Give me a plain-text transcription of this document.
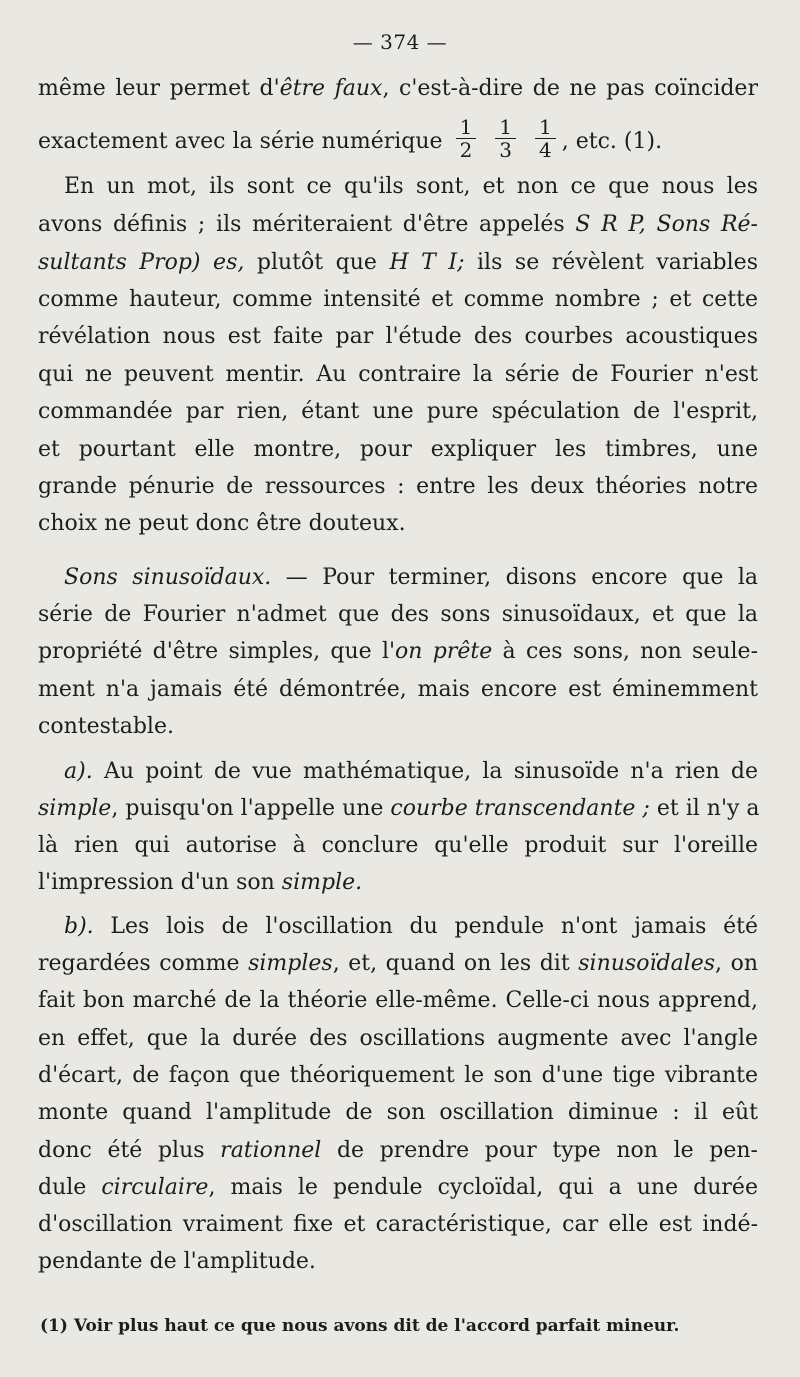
— 374 —
même leur permet d'être faux, c'est-à-dire de ne pas coïncider
exactement avec la série numérique $\frac{1}{2}$
$\frac{1}{3}$
$\frac{1}{4}$ , etc. (1).
En un mot, ils sont ce qu'ils sont, et non ce que nous les
avons définis ; ils mériteraient d'être appelés S R P, Sons Ré-
sultants Prop) es, plutôt que H T I; ils se révèlent variables
comme hauteur, comme intensité et comme nombre ; et cette
révélation nous est faite par l'étude des courbes acoustiques
qui ne peuvent mentir. Au contraire la série de Fourier n'est
commandée par rien, étant une pure spéculation de l'esprit,
et pourtant elle montre, pour expliquer les timbres, une
grande pénurie de ressources : entre les deux théories notre
choix ne peut donc être douteux.
Sons sinusoïdaux. — Pour terminer, disons encore que la
série de Fourier n'admet que des sons sinusoïdaux, et que la
propriété d'être simples, que l'on prête à ces sons, non seule-
ment n'a jamais été démontrée, mais encore est éminemment
contestable.
a). Au point de vue mathématique, la sinusoïde n'a rien de
simple, puisqu'on l'appelle une courbe transcendante ; et il n'y a
là rien qui autorise à conclure qu'elle produit sur l'oreille
l'impression d'un son simple.
b). Les lois de l'oscillation du pendule n'ont jamais été
regardées comme simples, et, quand on les dit sinusoïdales, on
fait bon marché de la théorie elle-même. Celle-ci nous apprend,
en effet, que la durée des oscillations augmente avec l'angle
d'écart, de façon que théoriquement le son d'une tige vibrante
monte quand l'amplitude de son oscillation diminue : il eût
donc été plus rationnel de prendre pour type non le pen-
dule circulaire, mais le pendule cycloïdal, qui a une durée
d'oscillation vraiment fixe et caractéristique, car elle est indé-
pendante de l'amplitude.
(1) Voir plus haut ce que nous avons dit de l'accord parfait mineur.
